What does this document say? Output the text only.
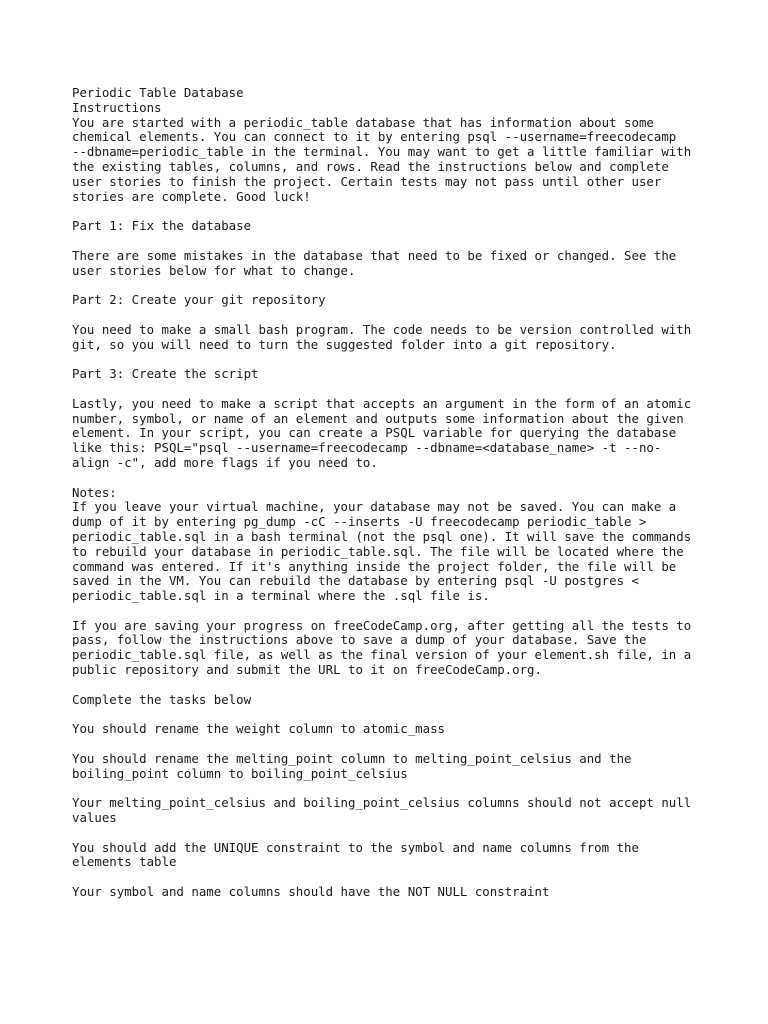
Periodic Table Database
Instructions
You are started with a periodic_table database that has information about some
chemical elements. You can connect to it by entering psql --username=freecodecamp
--dbname=periodic_table in the terminal. You may want to get a little familiar with
the existing tables, columns, and rows. Read the instructions below and complete
user stories to finish the project. Certain tests may not pass until other user
stories are complete. Good luck!
Part 1: Fix the database
There are some mistakes in the database that need to be fixed or changed. See the
user stories below for what to change.
Part 2: Create your git repository
You need to make a small bash program. The code needs to be version controlled with
git, so you will need to turn the suggested folder into a git repository.
Part 3: Create the script
Lastly, you need to make a script that accepts an argument in the form of an atomic
number, symbol, or name of an element and outputs some information about the given
element. In your script, you can create a PSQL variable for querying the database
like this: PSQL="psql --username=freecodecamp --dbname=<database_name> -t --no-
align -c", add more flags if you need to.
Notes:
If you leave your virtual machine, your database may not be saved. You can make a
dump of it by entering pg_dump -cC --inserts -U freecodecamp periodic_table >
periodic_table.sql in a bash terminal (not the psql one). It will save the commands
to rebuild your database in periodic_table.sql. The file will be located where the
command was entered. If it's anything inside the project folder, the file will be
saved in the VM. You can rebuild the database by entering psql -U postgres <
periodic_table.sql in a terminal where the .sql file is.
If you are saving your progress on freeCodeCamp.org, after getting all the tests to
pass, follow the instructions above to save a dump of your database. Save the
periodic_table.sql file, as well as the final version of your element.sh file, in a
public repository and submit the URL to it on freeCodeCamp.org.
Complete the tasks below
You should rename the weight column to atomic_mass
You should rename the melting_point column to melting_point_celsius and the
boiling_point column to boiling_point_celsius
Your melting_point_celsius and boiling_point_celsius columns should not accept null
values
You should add the UNIQUE constraint to the symbol and name columns from the
elements table
Your symbol and name columns should have the NOT NULL constraint
